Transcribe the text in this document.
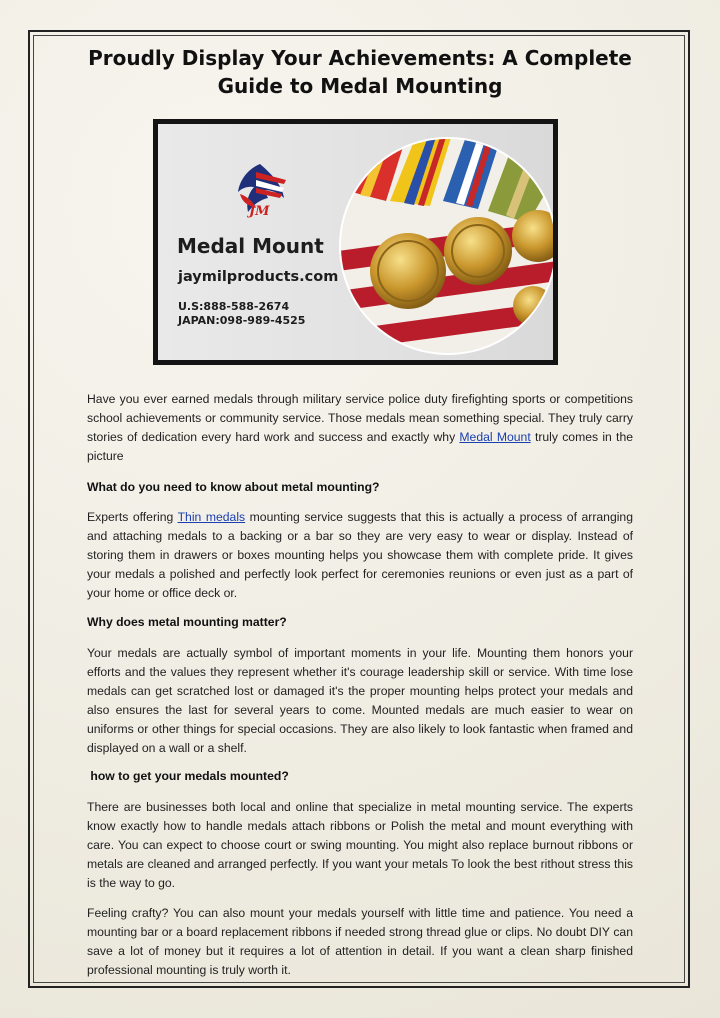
Proudly Display Your Achievements: A Complete Guide to Medal Mounting
JM
Medal Mount
jaymilproducts.com
U.S:888-588-2674
JAPAN:098-989-4525
Have you ever earned medals through military service police duty firefighting sports or competitions school achievements or community service. Those medals mean something special. They truly carry stories of dedication every hard work and success and exactly why Medal Mount truly comes in the picture
What do you need to know about metal mounting?
Experts offering Thin medals mounting service suggests that this is actually a process of arranging and attaching medals to a backing or a bar so they are very easy to wear or display. Instead of storing them in drawers or boxes mounting helps you showcase them with complete pride. It gives your medals a polished and perfectly look perfect for ceremonies reunions or even just as a part of your home or office deck or.
Why does metal mounting matter?
Your medals are actually symbol of important moments in your life. Mounting them honors your efforts and the values they represent whether it's courage leadership skill or service. With time lose medals can get scratched lost or damaged it's the proper mounting helps protect your medals and also ensures the last for several years to come. Mounted medals are much easier to wear on uniforms or other things for special occasions. They are also likely to look fantastic when framed and displayed on a wall or a shelf.
how to get your medals mounted?
There are businesses both local and online that specialize in metal mounting service. The experts know exactly how to handle medals attach ribbons or Polish the metal and mount everything with care. You can expect to choose court or swing mounting. You might also replace burnout ribbons or metals are cleaned and arranged perfectly. If you want your metals To look the best rithout stress this is the way to go.
Feeling crafty? You can also mount your medals yourself with little time and patience. You need a mounting bar or a board replacement ribbons if needed strong thread glue or clips. No doubt DIY can save a lot of money but it requires a lot of attention in detail. If you want a clean sharp finished professional mounting is truly worth it.
